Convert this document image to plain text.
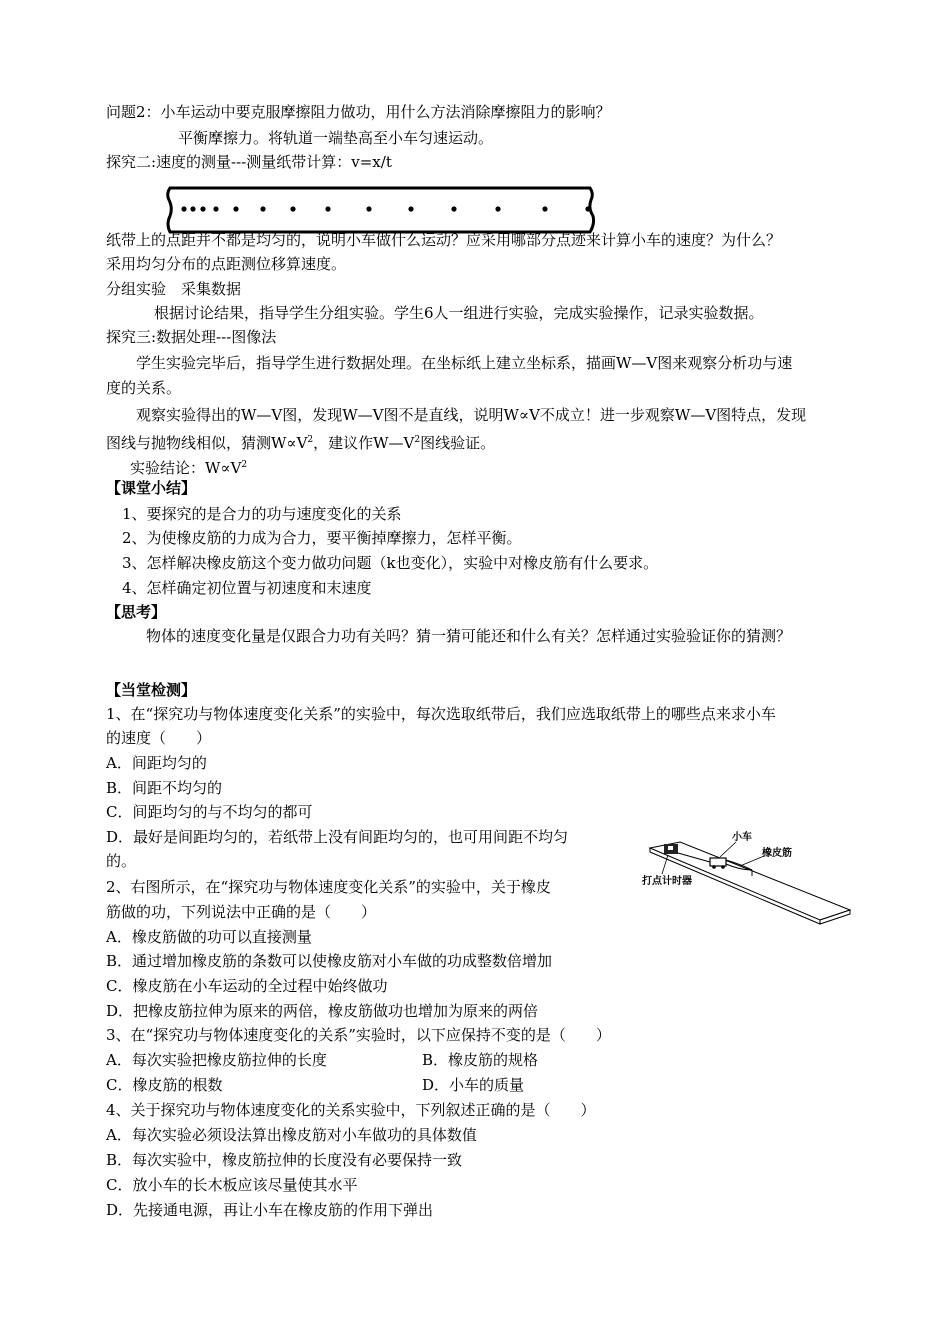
问题2：小车运动中要克服摩擦阻力做功，用什么方法消除摩擦阻力的影响？
平衡摩擦力。将轨道一端垫高至小车匀速运动。
探究二:速度的测量---测量纸带计算：v=x/t
纸带上的点距并不都是均匀的，说明小车做什么运动？应采用哪部分点迹来计算小车的速度？为什么？
采用均匀分布的点距测位移算速度。
分组实验　采集数据
根据讨论结果，指导学生分组实验。学生6人一组进行实验，完成实验操作，记录实验数据。
探究三:数据处理---图像法
学生实验完毕后，指导学生进行数据处理。在坐标纸上建立坐标系，描画W—V图来观察分析功与速
度的关系。
观察实验得出的W—V图，发现W—V图不是直线，说明W∝V不成立！进一步观察W—V图特点，发现
图线与抛物线相似，猜测$W\propto V^2$，建议作$W—V^2$图线验证。
实验结论：$W\propto V^2$
【课堂小结】
1、要探究的是合力的功与速度变化的关系
2、为使橡皮筋的力成为合力，要平衡掉摩擦力，怎样平衡。
3、怎样解决橡皮筋这个变力做功问题（k也变化），实验中对橡皮筋有什么要求。
4、怎样确定初位置与初速度和末速度
【思考】
物体的速度变化量是仅跟合力功有关吗？猜一猜可能还和什么有关？怎样通过实验验证你的猜测？
【当堂检测】
1、在“探究功与物体速度变化关系”的实验中，每次选取纸带后，我们应选取纸带上的哪些点来求小车
的速度（　　）
A．间距均匀的
B．间距不均匀的
C．间距均匀的与不均匀的都可
D．最好是间距均匀的，若纸带上没有间距均匀的，也可用间距不均匀
的。
2、右图所示，在“探究功与物体速度变化关系”的实验中，关于橡皮
筋做的功，下列说法中正确的是（　　）
A．橡皮筋做的功可以直接测量
B．通过增加橡皮筋的条数可以使橡皮筋对小车做的功成整数倍增加
C．橡皮筋在小车运动的全过程中始终做功
D．把橡皮筋拉伸为原来的两倍，橡皮筋做功也增加为原来的两倍
3、在“探究功与物体速度变化的关系”实验时，以下应保持不变的是（　　）
A．每次实验把橡皮筋拉伸的长度	B．橡皮筋的规格
C．橡皮筋的根数	D．小车的质量
4、关于探究功与物体速度变化的关系实验中，下列叙述正确的是（　　）
A．每次实验必须设法算出橡皮筋对小车做功的具体数值
B．每次实验中，橡皮筋拉伸的长度没有必要保持一致
C．放小车的长木板应该尽量使其水平
D．先接通电源，再让小车在橡皮筋的作用下弹出
小车
橡皮筋
打点计时器
